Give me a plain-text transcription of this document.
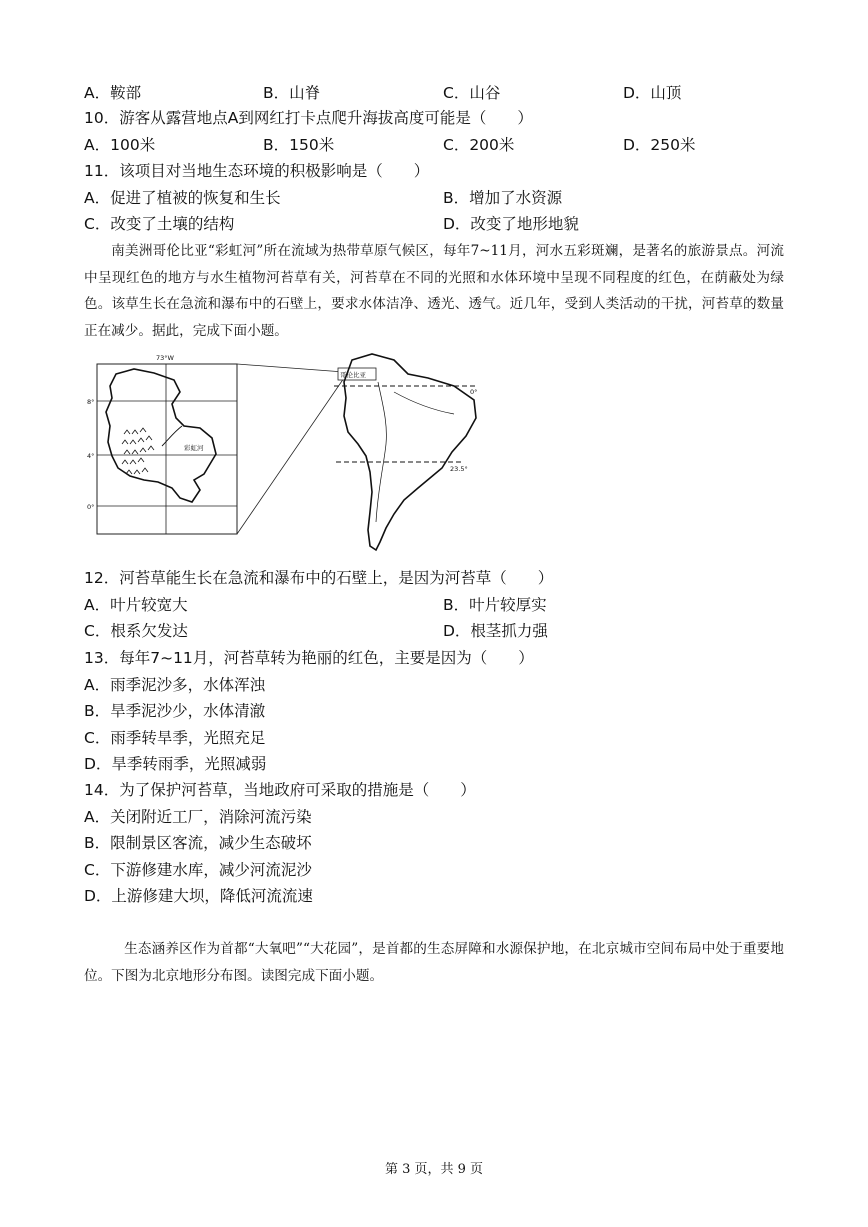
A．鞍部	B．山脊	C．山谷	D．山顶
10．游客从露营地点A到网红打卡点爬升海拔高度可能是（　　）
A．100米	B．150米	C．200米	D．250米
11．该项目对当地生态环境的积极影响是（　　）
A．促进了植被的恢复和生长	B．增加了水资源
C．改变了土壤的结构	D．改变了地形地貌
南美洲哥伦比亚“彩虹河”所在流域为热带草原气候区，每年7~11月，河水五彩斑斓，是著名的旅游景点。河流中呈现红色的地方与水生植物河苔草有关，河苔草在不同的光照和水体环境中呈现不同程度的红色，在荫蔽处为绿色。该草生长在急流和瀑布中的石壁上，要求水体洁净、透光、透气。近几年，受到人类活动的干扰，河苔草的数量正在减少。据此，完成下面小题。
73°W
8°
4°
0°
彩虹河
哥伦比亚
0°
23.5°
12．河苔草能生长在急流和瀑布中的石壁上，是因为河苔草（　　）
A．叶片较宽大	B．叶片较厚实
C．根系欠发达	D．根茎抓力强
13．每年7~11月，河苔草转为艳丽的红色，主要是因为（　　）
A．雨季泥沙多，水体浑浊
B．旱季泥沙少，水体清澈
C．雨季转旱季，光照充足
D．旱季转雨季，光照减弱
14．为了保护河苔草，当地政府可采取的措施是（　　）
A．关闭附近工厂，消除河流污染
B．限制景区客流，减少生态破坏
C．下游修建水库，减少河流泥沙
D．上游修建大坝，降低河流流速
生态涵养区作为首都“大氧吧”“大花园”，是首都的生态屏障和水源保护地，在北京城市空间布局中处于重要地位。下图为北京地形分布图。读图完成下面小题。
第 3 页，共 9 页
